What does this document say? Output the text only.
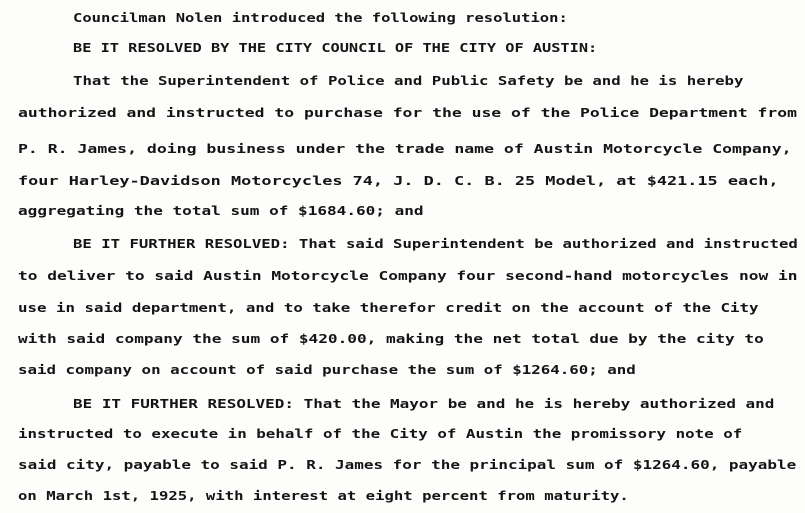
Councilman Nolen introduced the following resolution:
BE IT RESOLVED BY THE CITY COUNCIL OF THE CITY OF AUSTIN:
That the Superintendent of Police and Public Safety be and he is hereby
authorized and instructed to purchase for the use of the Police Department from
P. R. James, doing business under the trade name of Austin Motorcycle Company,
four Harley-Davidson Motorcycles 74, J. D. C. B. 25 Model, at $421.15 each,
aggregating the total sum of $1684.60; and
BE IT FURTHER RESOLVED: That said Superintendent be authorized and instructed
to deliver to said Austin Motorcycle Company four second-hand motorcycles now in
use in said department, and to take therefor credit on the account of the City
with said company the sum of $420.00, making the net total due by the city to
said company on account of said purchase the sum of $1264.60; and
BE IT FURTHER RESOLVED: That the Mayor be and he is hereby authorized and
instructed to execute in behalf of the City of Austin the promissory note of
said city, payable to said P. R. James for the principal sum of $1264.60, payable
on March 1st, 1925, with interest at eight percent from maturity.
